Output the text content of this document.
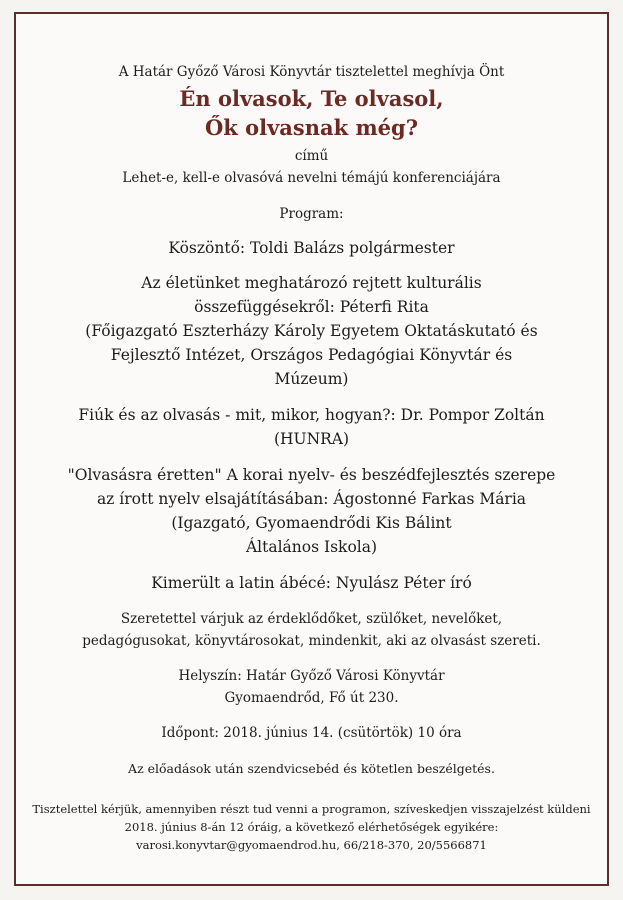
A Határ Győző Városi Könyvtár tisztelettel meghívja Önt
Én olvasok, Te olvasol,
Ők olvasnak még?
című
Lehet-e, kell-e olvasóvá nevelni témájú konferenciájára
Program:
Köszöntő: Toldi Balázs polgármester
Az életünket meghatározó rejtett kulturális
összefüggésekről: Péterfi Rita
(Főigazgató Eszterházy Károly Egyetem Oktatáskutató és
Fejlesztő Intézet, Országos Pedagógiai Könyvtár és
Múzeum)
Fiúk és az olvasás - mit, mikor, hogyan?: Dr. Pompor Zoltán
(HUNRA)
"Olvasásra éretten" A korai nyelv- és beszédfejlesztés szerepe
az írott nyelv elsajátításában: Ágostonné Farkas Mária
(Igazgató, Gyomaendrődi Kis Bálint
Általános Iskola)
Kimerült a latin ábécé: Nyulász Péter író
Szeretettel várjuk az érdeklődőket, szülőket, nevelőket,
pedagógusokat, könyvtárosokat, mindenkit, aki az olvasást szereti.
Helyszín: Határ Győző Városi Könyvtár
Gyomaendrőd, Fő út 230.
Időpont: 2018. június 14. (csütörtök) 10 óra
Az előadások után szendvicsebéd és kötetlen beszélgetés.
Tisztelettel kérjük, amennyiben részt tud venni a programon, szíveskedjen visszajelzést küldeni
2018. június 8-án 12 óráig, a következő elérhetőségek egyikére:
varosi.konyvtar@gyomaendrod.hu, 66/218-370, 20/5566871
